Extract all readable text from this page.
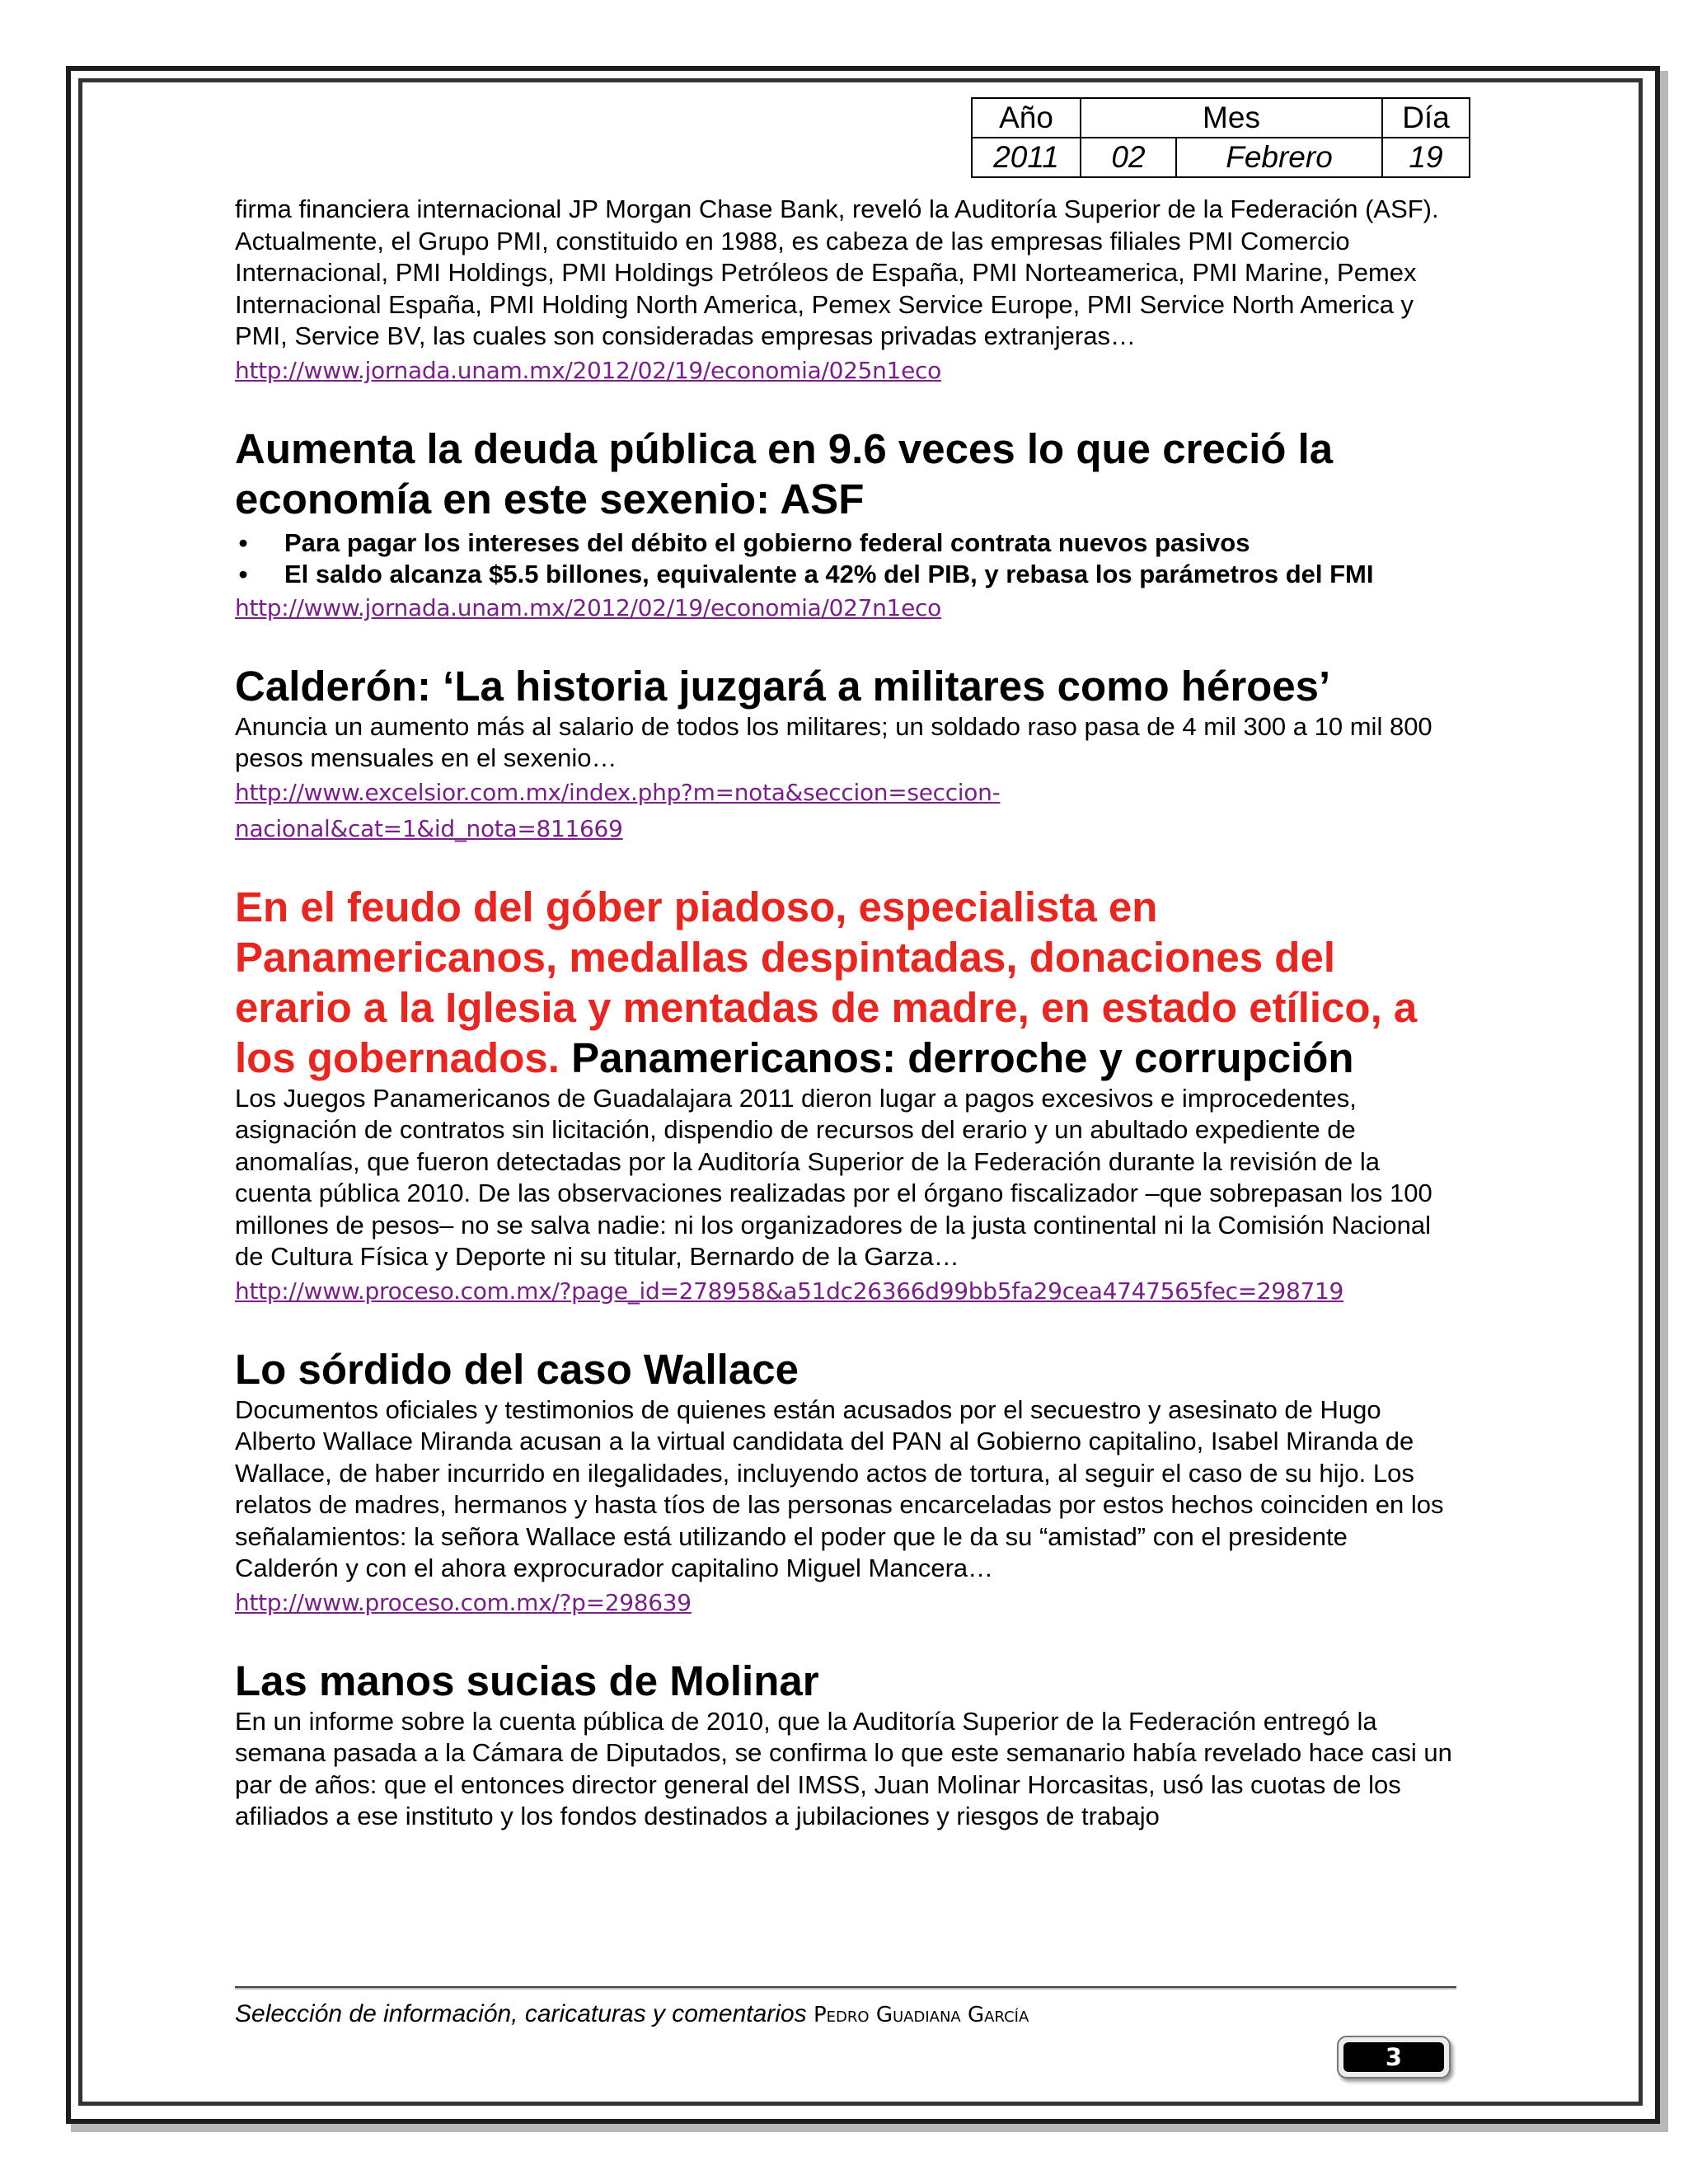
Año	Mes		Día
2011	02	Febrero	19

firma financiera internacional JP Morgan Chase Bank, reveló la Auditoría Superior de la Federación (ASF).

Actualmente, el Grupo PMI, constituido en 1988, es cabeza de las empresas filiales PMI Comercio Internacional, PMI Holdings, PMI Holdings Petróleos de España, PMI Norteamerica, PMI Marine, Pemex Internacional España, PMI Holding North America, Pemex Service Europe, PMI Service North America y PMI, Service BV, las cuales son consideradas empresas privadas extranjeras…

http://www.jornada.unam.mx/2012/02/19/economia/025n1eco
Aumenta la deuda pública en 9.6 veces lo que creció la economía en este sexenio: ASF
• Para pagar los intereses del débito el gobierno federal contrata nuevos pasivos
• El saldo alcanza $5.5 billones, equivalente a 42% del PIB, y rebasa los parámetros del FMI
http://www.jornada.unam.mx/2012/02/19/economia/027n1eco
Calderón: ‘La historia juzgará a militares como héroes’

Anuncia un aumento más al salario de todos los militares; un soldado raso pasa de 4 mil 300 a 10 mil 800 pesos mensuales en el sexenio…

http://www.excelsior.com.mx/index.php?m=nota&seccion=seccion-
nacional&cat=1&id_nota=811669
En el feudo del góber piadoso, especialista en Panamericanos, medallas despintadas, donaciones del erario a la Iglesia y mentadas de madre, en estado etílico, a los gobernados. Panamericanos: derroche y corrupción

Los Juegos Panamericanos de Guadalajara 2011 dieron lugar a pagos excesivos e improcedentes, asignación de contratos sin licitación, dispendio de recursos del erario y un abultado expediente de anomalías, que fueron detectadas por la Auditoría Superior de la Federación durante la revisión de la cuenta pública 2010. De las observaciones realizadas por el órgano fiscalizador –que sobrepasan los 100 millones de pesos– no se salva nadie: ni los organizadores de la justa continental ni la Comisión Nacional de Cultura Física y Deporte ni su titular, Bernardo de la Garza…

http://www.proceso.com.mx/?page_id=278958&a51dc26366d99bb5fa29cea4747565fec=298719
Lo sórdido del caso Wallace

Documentos oficiales y testimonios de quienes están acusados por el secuestro y asesinato de Hugo Alberto Wallace Miranda acusan a la virtual candidata del PAN al Gobierno capitalino, Isabel Miranda de Wallace, de haber incurrido en ilegalidades, incluyendo actos de tortura, al seguir el caso de su hijo. Los relatos de madres, hermanos y hasta tíos de las personas encarceladas por estos hechos coinciden en los señalamientos: la señora Wallace está utilizando el poder que le da su “amistad” con el presidente Calderón y con el ahora exprocurador capitalino Miguel Mancera…

http://www.proceso.com.mx/?p=298639
Las manos sucias de Molinar

En un informe sobre la cuenta pública de 2010, que la Auditoría Superior de la Federación entregó la semana pasada a la Cámara de Diputados, se confirma lo que este semanario había revelado hace casi un par de años: que el entonces director general del IMSS, Juan Molinar Horcasitas, usó las cuotas de los afiliados a ese instituto y los fondos destinados a jubilaciones y riesgos de trabajo

Selección de información, caricaturas y comentarios Pedro Guadiana García
3
